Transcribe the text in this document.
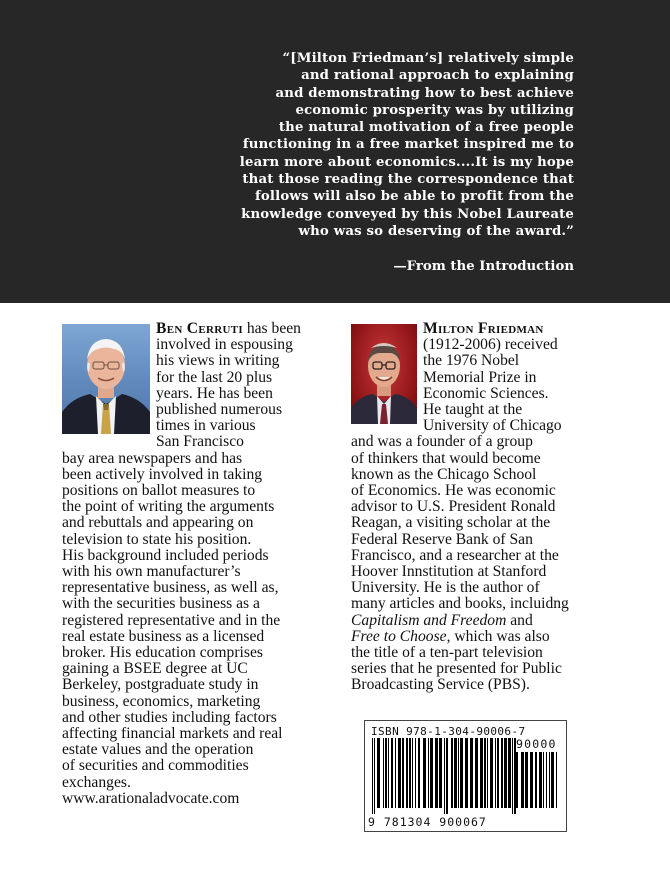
“[Milton Friedman’s] relatively simple
and rational approach to explaining
and demonstrating how to best achieve
economic prosperity was by utilizing
the natural motivation of a free people
functioning in a free market inspired me to
learn more about economics....It is my hope
that those reading the correspondence that
follows will also be able to profit from the
knowledge conveyed by this Nobel Laureate
who was so deserving of the award.”
—From the Introduction
Ben Cerruti has been
involved in espousing
his views in writing
for the last 20 plus
years. He has been
published numerous
times in various
San Francisco
bay area newspapers and has
been actively involved in taking
positions on ballot measures to
the point of writing the arguments
and rebuttals and appearing on
television to state his position.
His background included periods
with his own manufacturer’s
representative business, as well as,
with the securities business as a
registered representative and in the
real estate business as a licensed
broker. His education comprises
gaining a BSEE degree at UC
Berkeley, postgraduate study in
business, economics, marketing
and other studies including factors
affecting financial markets and real
estate values and the operation
of securities and commodities
exchanges.
www.arationaladvocate.com
Milton Friedman
(1912-2006) received
the 1976 Nobel
Memorial Prize in
Economic Sciences.
He taught at the
University of Chicago
and was a founder of a group
of thinkers that would become
known as the Chicago School
of Economics. He was economic
advisor to U.S. President Ronald
Reagan, a visiting scholar at the
Federal Reserve Bank of San
Francisco, and a researcher at the
Hoover Innstitution at Stanford
University. He is the author of
many articles and books, incluidng
Capitalism and Freedom and
Free to Choose, which was also
the title of a ten-part television
series that he presented for Public
Broadcasting Service (PBS).
ISBN 978-1-304-90006-7
90000
9 781304 900067
